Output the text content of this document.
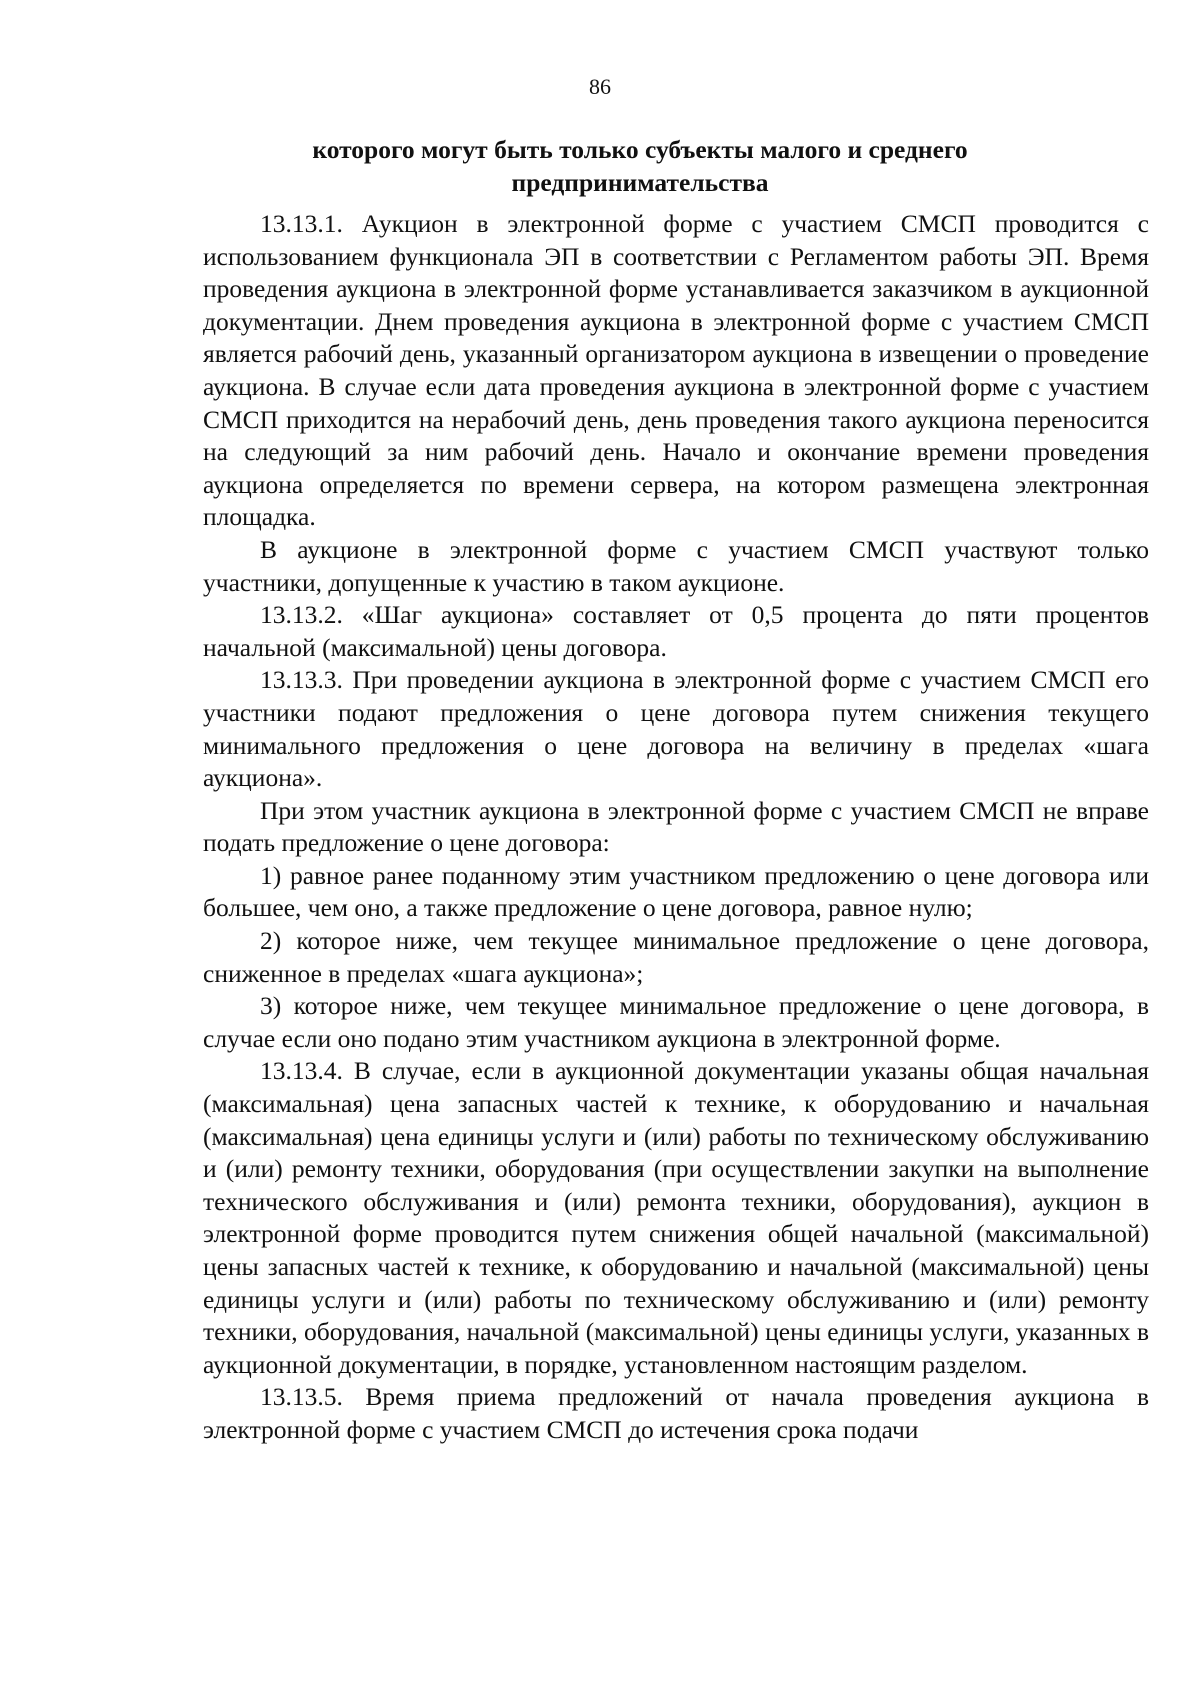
86
которого могут быть только субъекты малого и среднего предпринимательства

13.13.1. Аукцион в электронной форме с участием СМСП проводится с использованием функционала ЭП в соответствии с Регламентом работы ЭП. Время проведения аукциона в электронной форме устанавливается заказчиком в аукционной документации. Днем проведения аукциона в электронной форме с участием СМСП является рабочий день, указанный организатором аукциона в извещении о проведение аукциона. В случае если дата проведения аукциона в электронной форме с участием СМСП приходится на нерабочий день, день проведения такого аукциона переносится на следующий за ним рабочий день. Начало и окончание времени проведения аукциона определяется по времени сервера, на котором размещена электронная площадка.

В аукционе в электронной форме с участием СМСП участвуют только участники, допущенные к участию в таком аукционе.

13.13.2. «Шаг аукциона» составляет от 0,5 процента до пяти процентов начальной (максимальной) цены договора.

13.13.3. При проведении аукциона в электронной форме с участием СМСП его участники подают предложения о цене договора путем снижения текущего минимального предложения о цене договора на величину в пределах «шага аукциона».

При этом участник аукциона в электронной форме с участием СМСП не вправе подать предложение о цене договора:

1) равное ранее поданному этим участником предложению о цене договора или большее, чем оно, а также предложение о цене договора, равное нулю;

2) которое ниже, чем текущее минимальное предложение о цене договора, сниженное в пределах «шага аукциона»;

3) которое ниже, чем текущее минимальное предложение о цене договора, в случае если оно подано этим участником аукциона в электронной форме.

13.13.4. В случае, если в аукционной документации указаны общая начальная (максимальная) цена запасных частей к технике, к оборудованию и начальная (максимальная) цена единицы услуги и (или) работы по техническому обслуживанию и (или) ремонту техники, оборудования (при осуществлении закупки на выполнение технического обслуживания и (или) ремонта техники, оборудования), аукцион в электронной форме проводится путем снижения общей начальной (максимальной) цены запасных частей к технике, к оборудованию и начальной (максимальной) цены единицы услуги и (или) работы по техническому обслуживанию и (или) ремонту техники, оборудования, начальной (максимальной) цены единицы услуги, указанных в аукционной документации, в порядке, установленном настоящим разделом.

13.13.5. Время приема предложений от начала проведения аукциона в электронной форме с участием СМСП до истечения срока подачи
